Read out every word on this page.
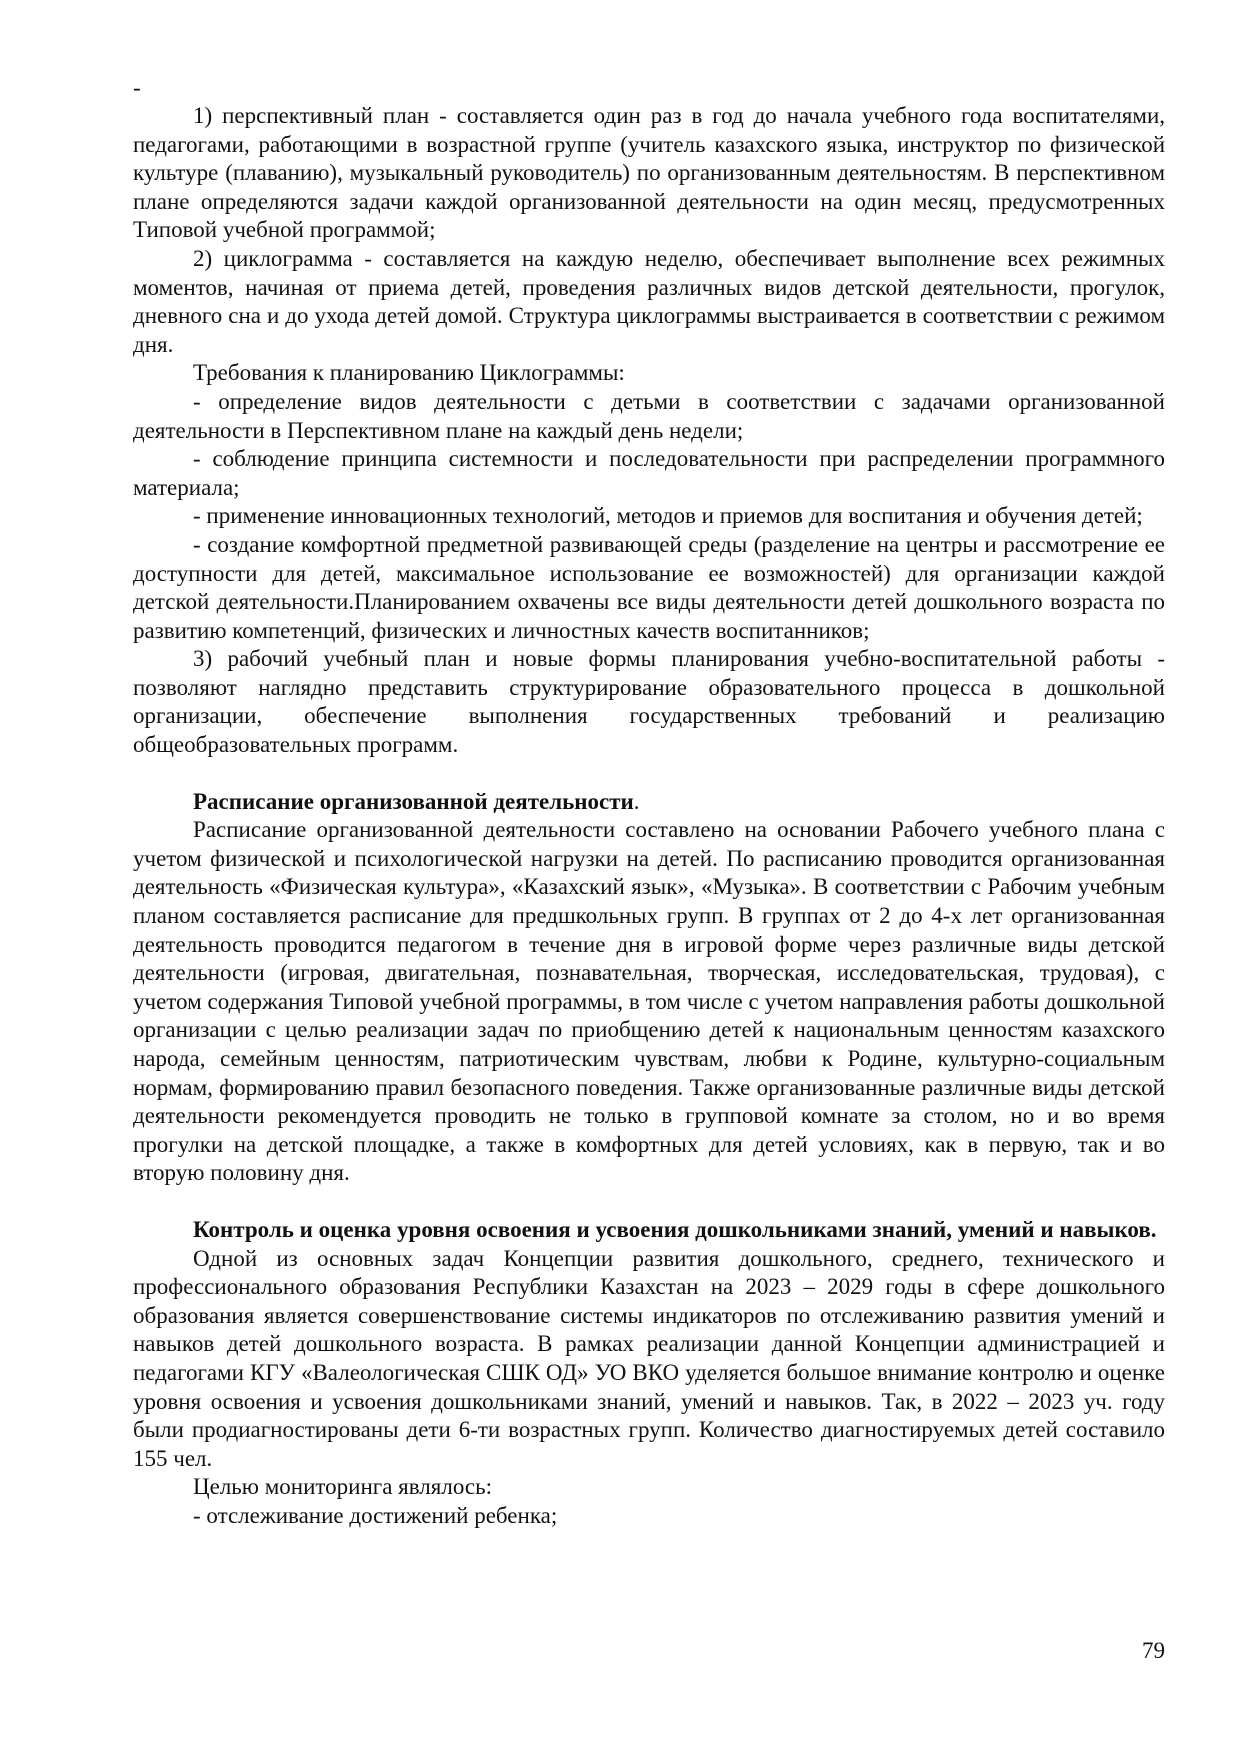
-

1) перспективный план - составляется один раз в год до начала учебного года воспитателями, педагогами, работающими в возрастной группе (учитель казахского языка, инструктор по физической культуре (плаванию), музыкальный руководитель) по организованным деятельностям. В перспективном плане определяются задачи каждой организованной деятельности на один месяц, предусмотренных Типовой учебной программой;

2) циклограмма - составляется на каждую неделю, обеспечивает выполнение всех режимных моментов, начиная от приема детей, проведения различных видов детской деятельности, прогулок, дневного сна и до ухода детей домой. Структура циклограммы выстраивается в соответствии с режимом дня.

Требования к планированию Циклограммы:

- определение видов деятельности с детьми в соответствии с задачами организованной деятельности в Перспективном плане на каждый день недели;

- соблюдение принципа системности и последовательности при распределении программного материала;

- применение инновационных технологий, методов и приемов для воспитания и обучения детей;

- создание комфортной предметной развивающей среды (разделение на центры и рассмотрение ее доступности для детей, максимальное использование ее возможностей) для организации каждой детской деятельности.Планированием охвачены все виды деятельности детей дошкольного возраста по развитию компетенций, физических и личностных качеств воспитанников;

3) рабочий учебный план и новые формы планирования учебно-воспитательной работы - позволяют наглядно представить структурирование образовательного процесса в дошкольной организации, обеспечение выполнения государственных требований и реализацию общеобразовательных программ.

Расписание организованной деятельности.

Расписание организованной деятельности составлено на основании Рабочего учебного плана с учетом физической и психологической нагрузки на детей. По расписанию проводится организованная деятельность «Физическая культура», «Казахский язык», «Музыка». В соответствии с Рабочим учебным планом составляется расписание для предшкольных групп. В группах от 2 до 4-х лет организованная деятельность проводится педагогом в течение дня в игровой форме через различные виды детской деятельности (игровая, двигательная, познавательная, творческая, исследовательская, трудовая), с учетом содержания Типовой учебной программы, в том числе с учетом направления работы дошкольной организации с целью реализации задач по приобщению детей к национальным ценностям казахского народа, семейным ценностям, патриотическим чувствам, любви к Родине, культурно-социальным нормам, формированию правил безопасного поведения. Также организованные различные виды детской деятельности рекомендуется проводить не только в групповой комнате за столом, но и во время прогулки на детской площадке, а также в комфортных для детей условиях, как в первую, так и во вторую половину дня.

Контроль и оценка уровня освоения и усвоения дошкольниками знаний, умений и навыков.

Одной из основных задач Концепции развития дошкольного, среднего, технического и профессионального образования Республики Казахстан на 2023 – 2029 годы в сфере дошкольного образования является совершенствование системы индикаторов по отслеживанию развития умений и навыков детей дошкольного возраста. В рамках реализации данной Концепции администрацией и педагогами КГУ «Валеологическая СШК ОД» УО ВКО уделяется большое внимание контролю и оценке уровня освоения и усвоения дошкольниками знаний, умений и навыков. Так, в 2022 – 2023 уч. году были продиагностированы дети 6-ти возрастных групп. Количество диагностируемых детей составило 155 чел.

Целью мониторинга являлось:

- отслеживание достижений ребенка;

79
